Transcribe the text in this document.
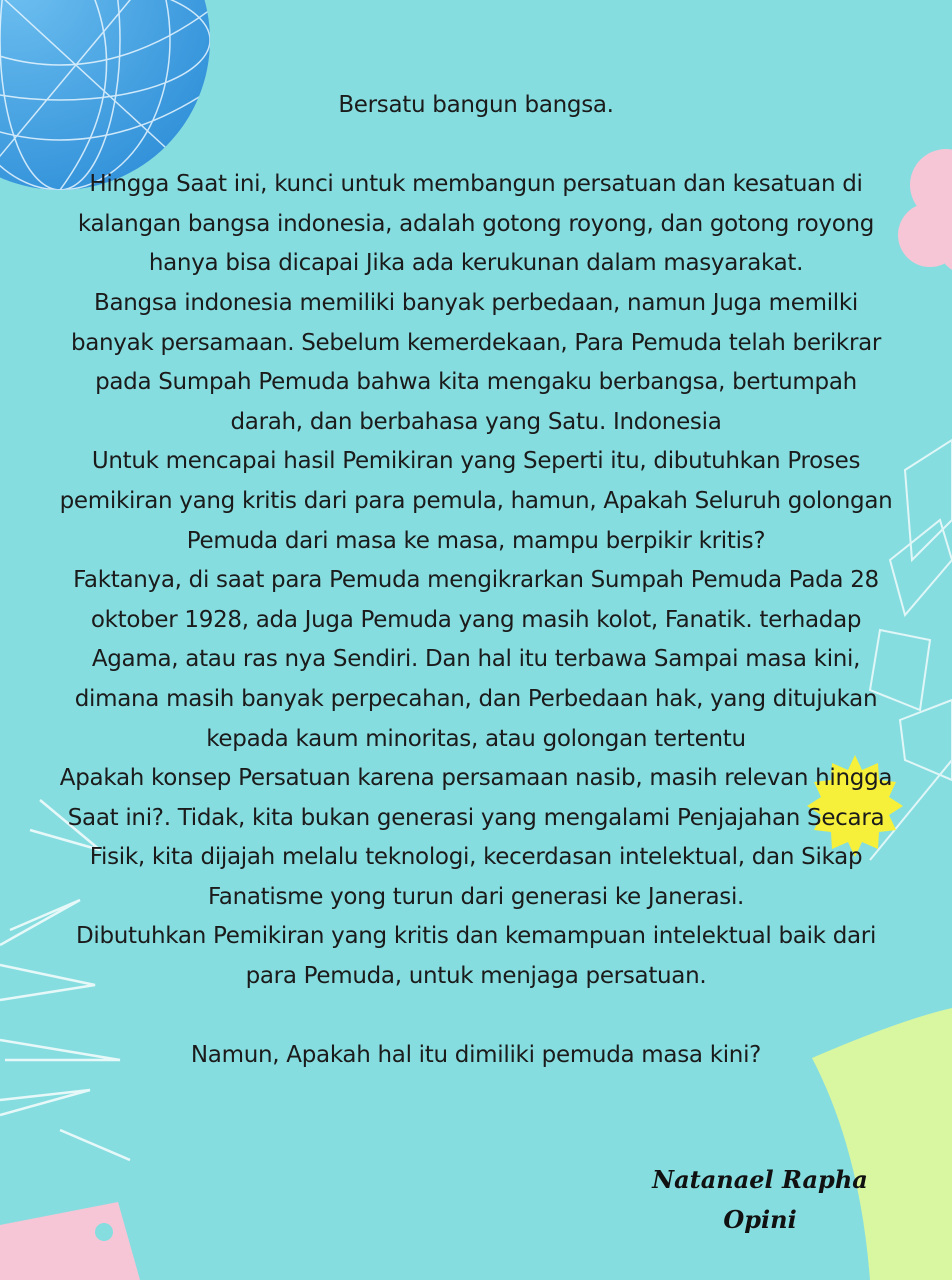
Bersatu bangun bangsa.

Hingga Saat ini, kunci untuk membangun persatuan dan kesatuan di

kalangan bangsa indonesia, adalah gotong royong, dan gotong royong

hanya bisa dicapai Jika ada kerukunan dalam masyarakat.

Bangsa indonesia memiliki banyak perbedaan, namun Juga memilki

banyak persamaan. Sebelum kemerdekaan, Para Pemuda telah berikrar

pada Sumpah Pemuda bahwa kita mengaku berbangsa, bertumpah

darah, dan berbahasa yang Satu. Indonesia

Untuk mencapai hasil Pemikiran yang Seperti itu, dibutuhkan Proses

pemikiran yang kritis dari para pemula, hamun, Apakah Seluruh golongan

Pemuda dari masa ke masa, mampu berpikir kritis?

Faktanya, di saat para Pemuda mengikrarkan Sumpah Pemuda Pada 28

oktober 1928, ada Juga Pemuda yang masih kolot, Fanatik. terhadap

Agama, atau ras nya Sendiri. Dan hal itu terbawa Sampai masa kini,

dimana masih banyak perpecahan, dan Perbedaan hak, yang ditujukan

kepada kaum minoritas, atau golongan tertentu

Apakah konsep Persatuan karena persamaan nasib, masih relevan hingga

Saat ini?. Tidak, kita bukan generasi yang mengalami Penjajahan Secara

Fisik, kita dijajah melalu teknologi, kecerdasan intelektual, dan Sikap

Fanatisme yong turun dari generasi ke Janerasi.

Dibutuhkan Pemikiran yang kritis dan kemampuan intelektual baik dari

para Pemuda, untuk menjaga persatuan.

Namun, Apakah hal itu dimiliki pemuda masa kini?

Natanael Rapha
Opini
